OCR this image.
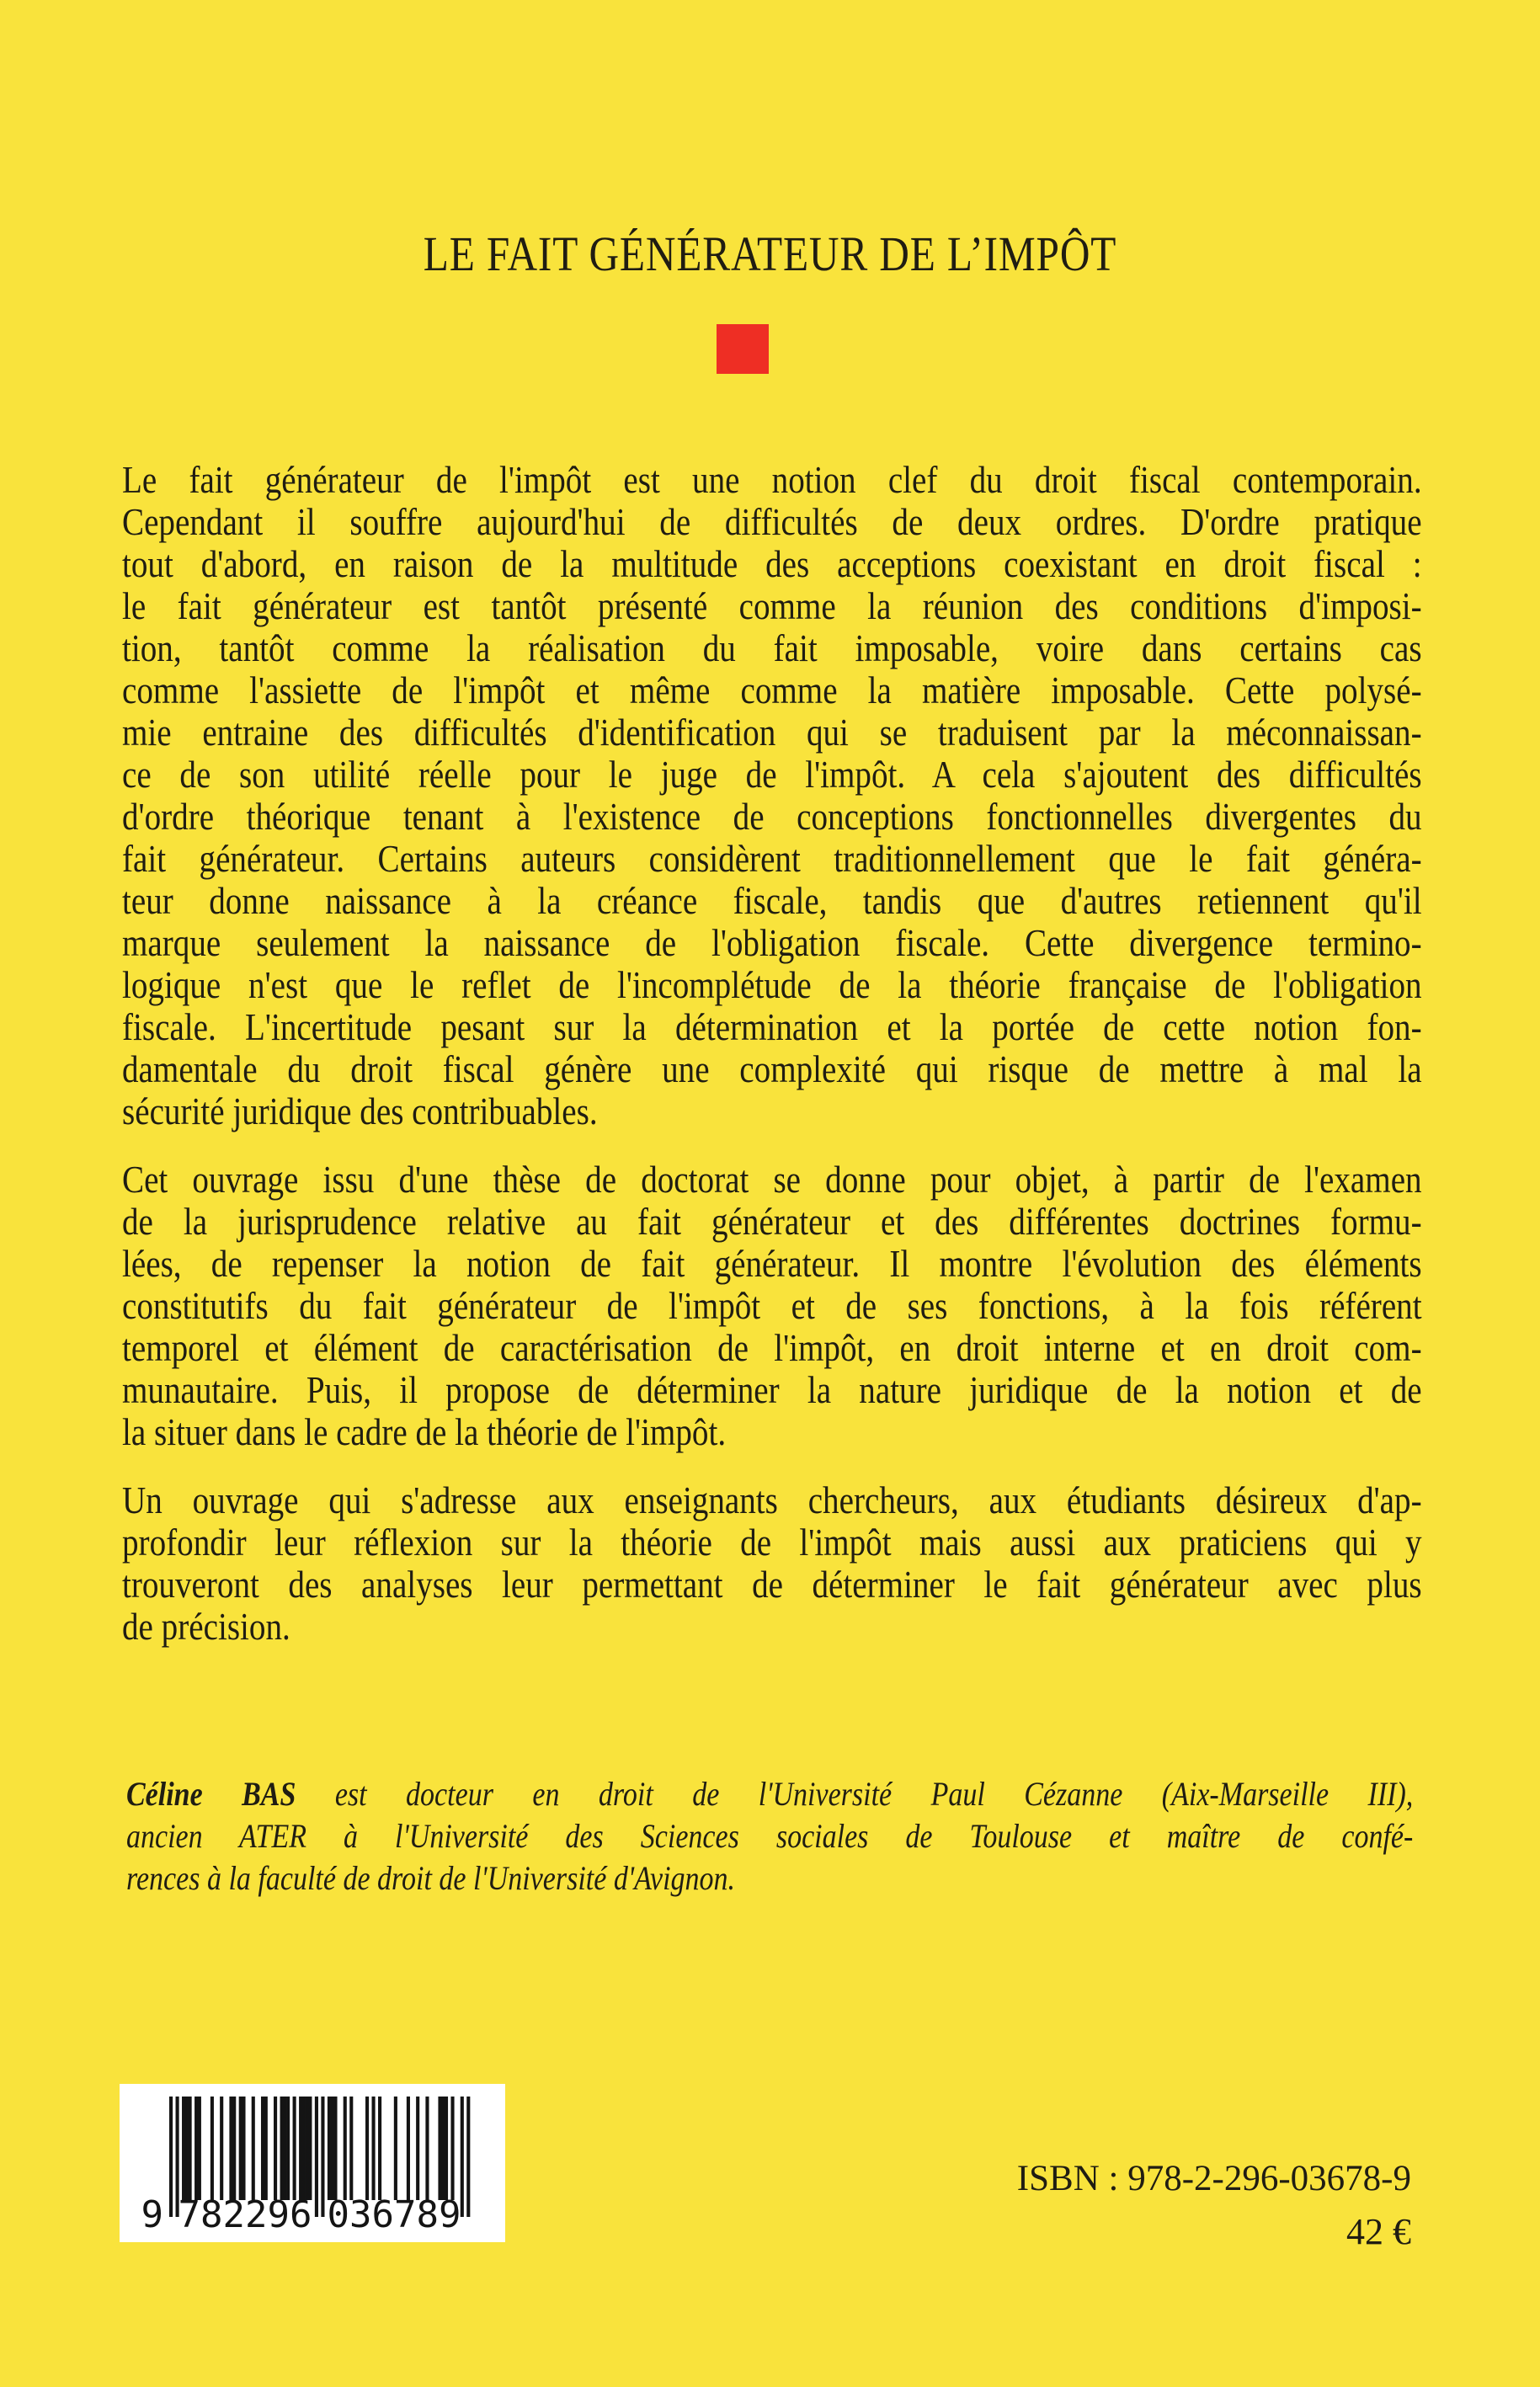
LE FAIT GÉNÉRATEUR DE L’IMPÔT
Le fait générateur de l'impôt est une notion clef du droit fiscal contemporain.
Cependant il souffre aujourd'hui de difficultés de deux ordres. D'ordre pratique
tout d'abord, en raison de la multitude des acceptions coexistant en droit fiscal :
le fait générateur est tantôt présenté comme la réunion des conditions d'imposi-
tion, tantôt comme la réalisation du fait imposable, voire dans certains cas
comme l'assiette de l'impôt et même comme la matière imposable. Cette polysé-
mie entraine des difficultés d'identification qui se traduisent par la méconnaissan-
ce de son utilité réelle pour le juge de l'impôt. A cela s'ajoutent des difficultés
d'ordre théorique tenant à l'existence de conceptions fonctionnelles divergentes du
fait générateur. Certains auteurs considèrent traditionnellement que le fait généra-
teur donne naissance à la créance fiscale, tandis que d'autres retiennent qu'il
marque seulement la naissance de l'obligation fiscale. Cette divergence termino-
logique n'est que le reflet de l'incomplétude de la théorie française de l'obligation
fiscale. L'incertitude pesant sur la détermination et la portée de cette notion fon-
damentale du droit fiscal génère une complexité qui risque de mettre à mal la
sécurité juridique des contribuables.
Cet ouvrage issu d'une thèse de doctorat se donne pour objet, à partir de l'examen
de la jurisprudence relative au fait générateur et des différentes doctrines formu-
lées, de repenser la notion de fait générateur. Il montre l'évolution des éléments
constitutifs du fait générateur de l'impôt et de ses fonctions, à la fois référent
temporel et élément de caractérisation de l'impôt, en droit interne et en droit com-
munautaire. Puis, il propose de déterminer la nature juridique de la notion et de
la situer dans le cadre de la théorie de l'impôt.
Un ouvrage qui s'adresse aux enseignants chercheurs, aux étudiants désireux d'ap-
profondir leur réflexion sur la théorie de l'impôt mais aussi aux praticiens qui y
trouveront des analyses leur permettant de déterminer le fait générateur avec plus
de précision.
Céline BAS est docteur en droit de l'Université Paul Cézanne (Aix-Marseille III),
ancien ATER à l'Université des Sciences sociales de Toulouse et maître de confé-
rences à la faculté de droit de l'Université d'Avignon.
9 782296 036789
ISBN : 978-2-296-03678-9
42 €
